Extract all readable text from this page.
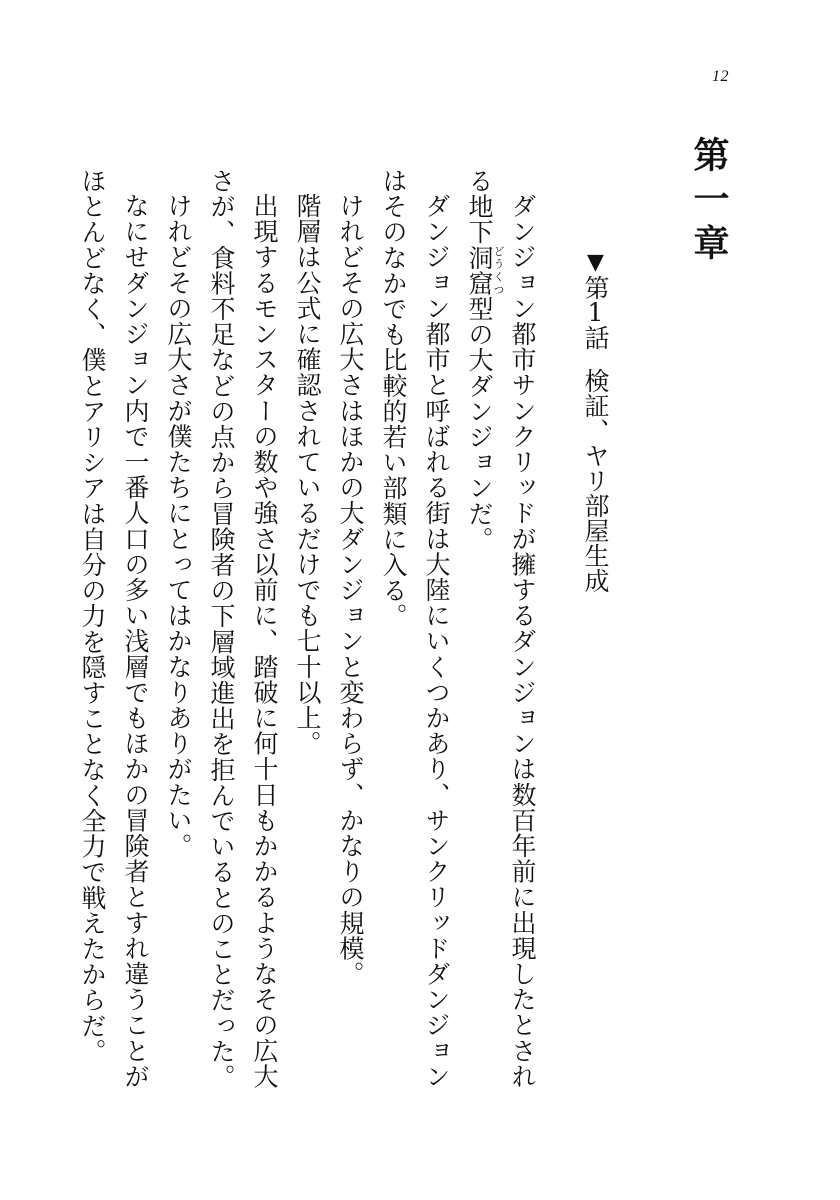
12
第一章
▼第1話検証、ヤリ部屋生成

ダンジョン都市サンクリッドが擁するダンジョンは数百年前に出現したとされる地下洞窟どうくつ型の大ダンジョンだ。

ダンジョン都市と呼ばれる街は大陸にいくつかあり、サンクリッドダンジョンはそのなかでも比較的若い部類に入る。

けれどその広大さはほかの大ダンジョンと変わらず、かなりの規模。

階層は公式に確認されているだけでも七十以上。

出現するモンスターの数や強さ以前に、踏破に何十日もかかるようなその広大さが、食料不足などの点から冒険者の下層域進出を拒んでいるとのことだった。

けれどその広大さが僕たちにとってはかなりありがたい。

なにせダンジョン内で一番人口の多い浅層でもほかの冒険者とすれ違うことがほとんどなく、僕とアリシアは自分の力を隠すことなく全力で戦えたからだ。
